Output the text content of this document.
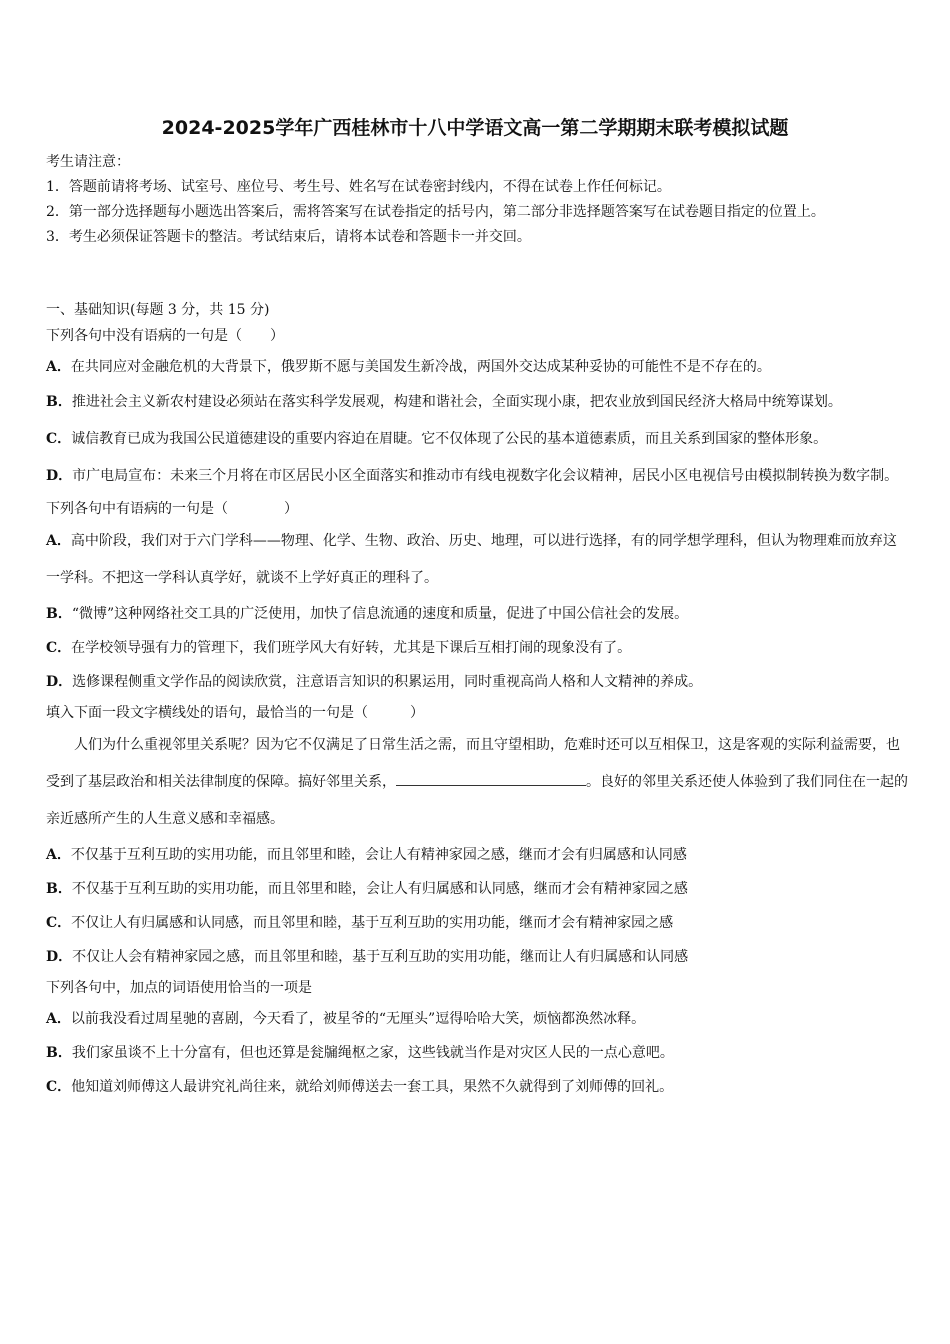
2024-2025学年广西桂林市十八中学语文高一第二学期期末联考模拟试题

考生请注意：

1．答题前请将考场、试室号、座位号、考生号、姓名写在试卷密封线内，不得在试卷上作任何标记。

2．第一部分选择题每小题选出答案后，需将答案写在试卷指定的括号内，第二部分非选择题答案写在试卷题目指定的位置上。

3．考生必须保证答题卡的整洁。考试结束后，请将本试卷和答题卡一并交回。

一、基础知识(每题 3 分，共 15 分)

下列各句中没有语病的一句是（　　）

A．在共同应对金融危机的大背景下，俄罗斯不愿与美国发生新冷战，两国外交达成某种妥协的可能性不是不存在的。

B．推进社会主义新农村建设必须站在落实科学发展观，构建和谐社会，全面实现小康，把农业放到国民经济大格局中统筹谋划。

C．诚信教育已成为我国公民道德建设的重要内容迫在眉睫。它不仅体现了公民的基本道德素质，而且关系到国家的整体形象。

D．市广电局宣布：未来三个月将在市区居民小区全面落实和推动市有线电视数字化会议精神，居民小区电视信号由模拟制转换为数字制。

下列各句中有语病的一句是（　　　　）

A．高中阶段，我们对于六门学科——物理、化学、生物、政治、历史、地理，可以进行选择，有的同学想学理科，但认为物理难而放弃这一学科。不把这一学科认真学好，就谈不上学好真正的理科了。

B．“微博”这种网络社交工具的广泛使用，加快了信息流通的速度和质量，促进了中国公信社会的发展。

C．在学校领导强有力的管理下，我们班学风大有好转，尤其是下课后互相打闹的现象没有了。

D．选修课程侧重文学作品的阅读欣赏，注意语言知识的积累运用，同时重视高尚人格和人文精神的养成。

填入下面一段文字横线处的语句，最恰当的一句是（　　　）

人们为什么重视邻里关系呢？因为它不仅满足了日常生活之需，而且守望相助，危难时还可以互相保卫，这是客观的实际利益需要，也受到了基层政治和相关法律制度的保障。搞好邻里关系，	。良好的邻里关系还使人体验到了我们同住在一起的亲近感所产生的人生意义感和幸福感。

A．不仅基于互利互助的实用功能，而且邻里和睦，会让人有精神家园之感，继而才会有归属感和认同感

B．不仅基于互利互助的实用功能，而且邻里和睦，会让人有归属感和认同感，继而才会有精神家园之感

C．不仅让人有归属感和认同感，而且邻里和睦，基于互利互助的实用功能，继而才会有精神家园之感

D．不仅让人会有精神家园之感，而且邻里和睦，基于互利互助的实用功能，继而让人有归属感和认同感

下列各句中，加点的词语使用恰当的一项是

A．以前我没看过周星驰的喜剧，今天看了，被星爷的“无厘头”逗得哈哈大笑，烦恼都涣然冰释。

B．我们家虽谈不上十分富有，但也还算是瓮牖绳枢之家，这些钱就当作是对灾区人民的一点心意吧。

C．他知道刘师傅这人最讲究礼尚往来，就给刘师傅送去一套工具，果然不久就得到了刘师傅的回礼。
